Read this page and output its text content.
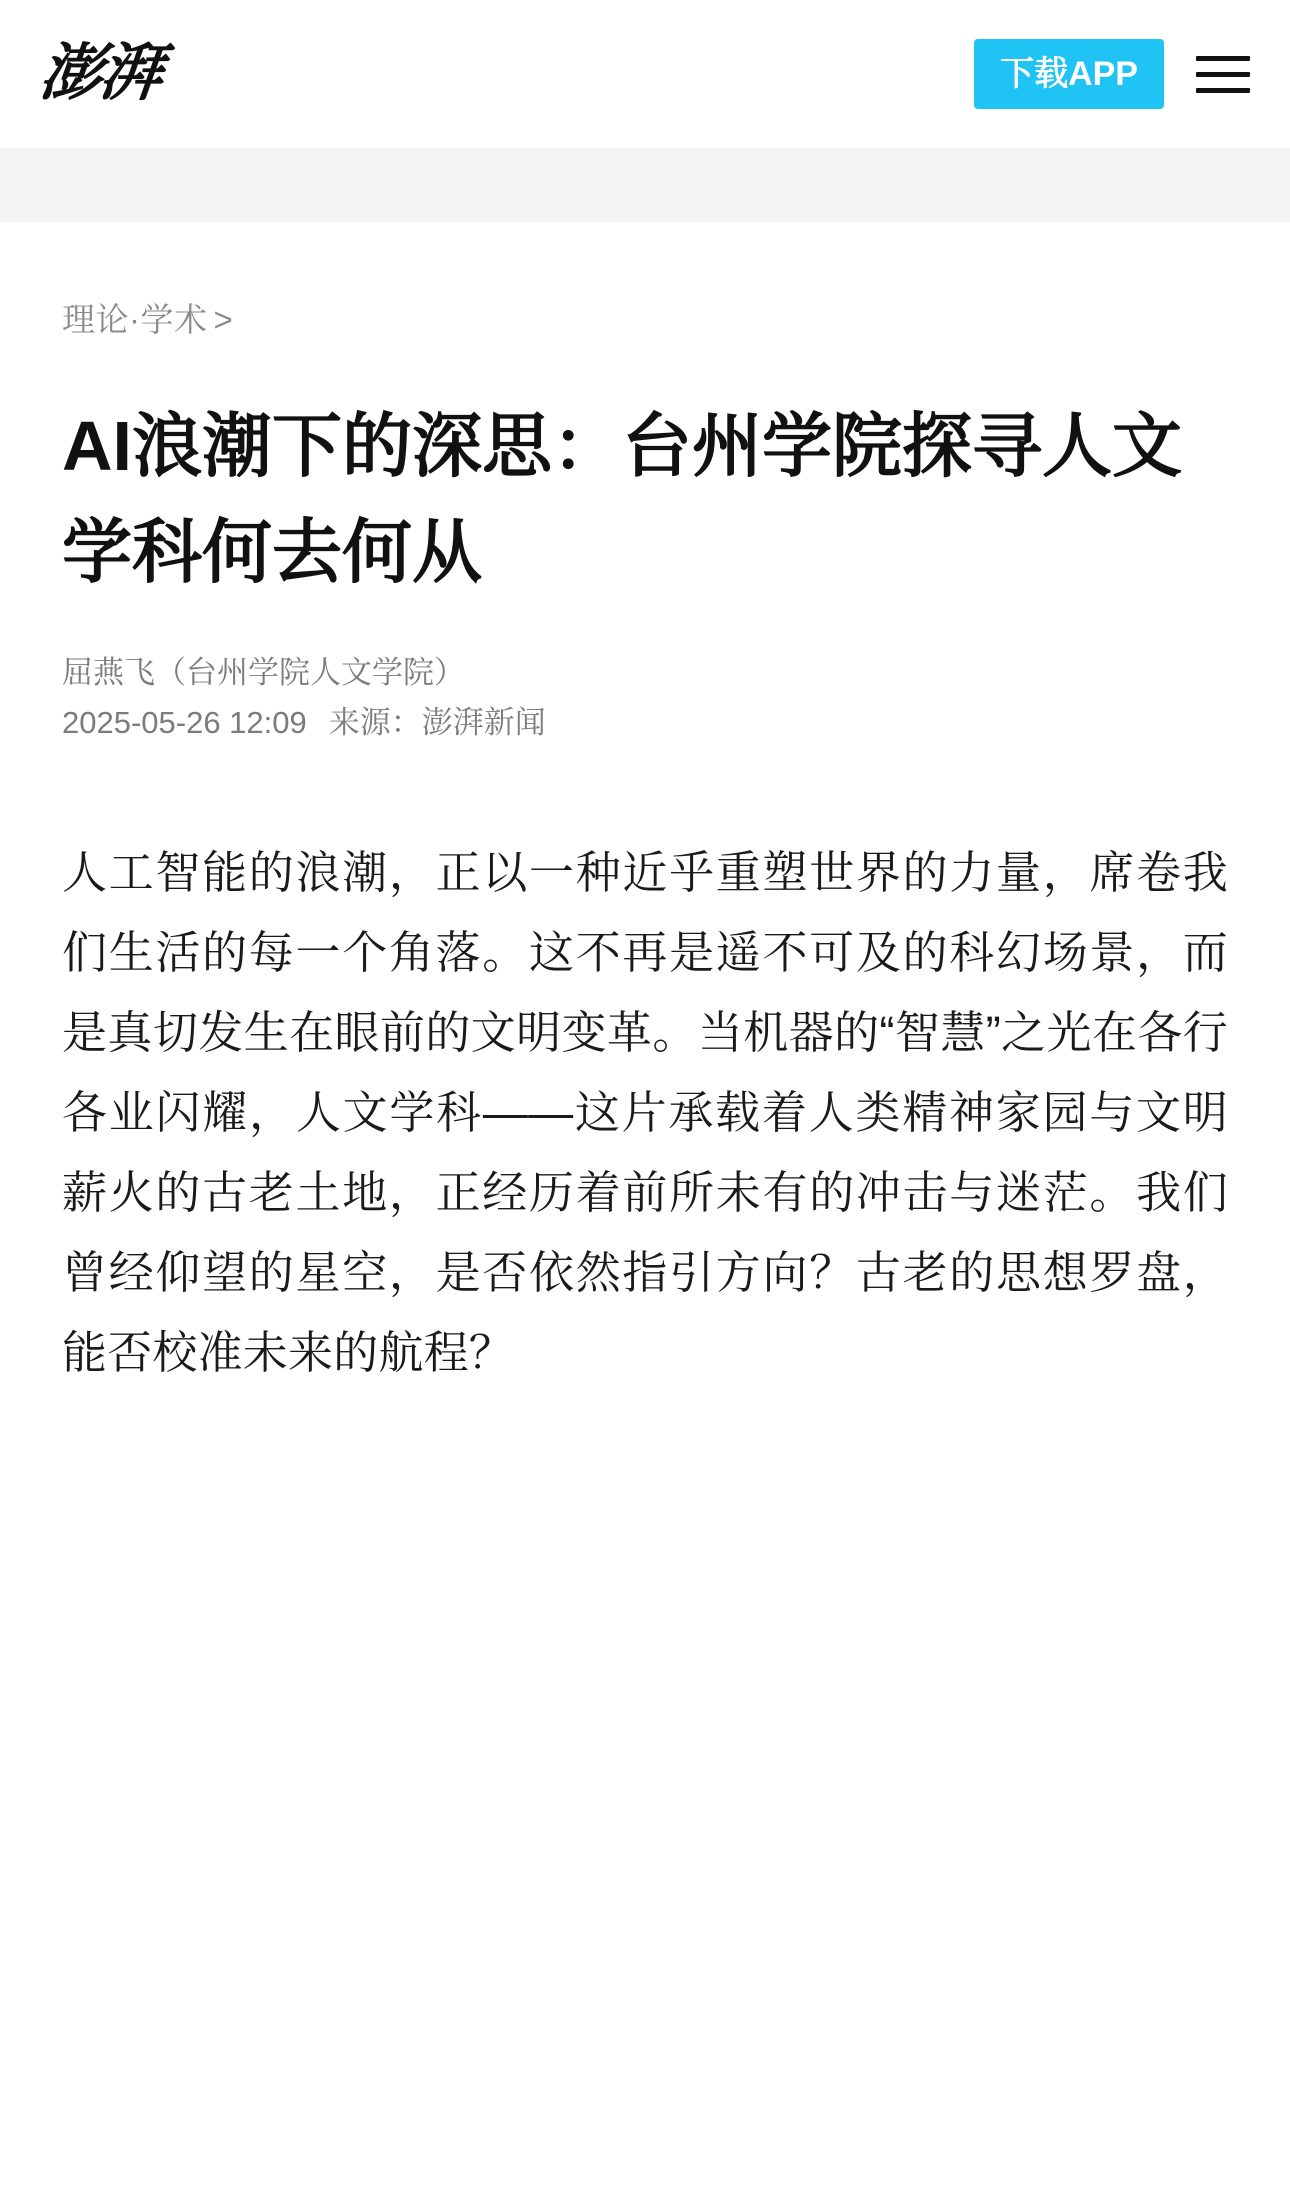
澎湃	下载APP
理论·学术 >
AI浪潮下的深思：台州学院探寻人文学科何去何从
屈燕飞（台州学院人文学院）
2025-05-26 12:09 来源：澎湃新闻

人工智能的浪潮，正以一种近乎重塑世界的力量，席卷我们生活的每一个角落。这不再是遥不可及的科幻场景，而是真切发生在眼前的文明变革。当机器的“智慧”之光在各行各业闪耀，人文学科——这片承载着人类精神家园与文明薪火的古老土地，正经历着前所未有的冲击与迷茫。我们曾经仰望的星空，是否依然指引方向？古老的思想罗盘，能否校准未来的航程？
